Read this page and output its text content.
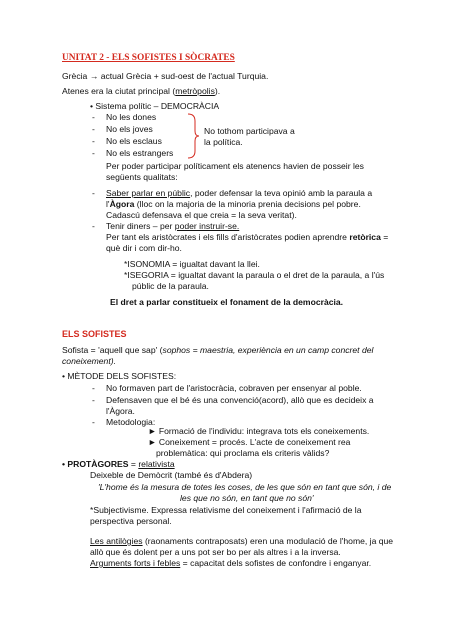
UNITAT 2 - ELS SOFISTES I SÒCRATES
Grècia → actual Grècia + sud-oest de l'actual Turquia.
Atenes era la ciutat principal (metròpolis).
• Sistema polític – DEMOCRÀCIA
- No les dones
- No els joves
- No els esclaus
- No els estrangers
No tothom participava a
la política.
Per poder participar políticament els atenencs havien de posseir les
següents qualitats:
- Saber parlar en públic, poder defensar la teva opinió amb la paraula a
l'Àgora (lloc on la majoria de la minoria prenia decisions pel pobre.
Cadascú defensava el que creia = la seva veritat).
- Tenir diners – per poder instruir-se.
Per tant els aristòcrates i els fills d'aristòcrates podien aprendre retòrica =
què dir i com dir-ho.
*ISONOMIA = igualtat davant la llei.
*ISEGORIA = igualtat davant la paraula o el dret de la paraula, a l'ús
públic de la paraula.
El dret a parlar constitueix el fonament de la democràcia.
ELS SOFISTES
Sofista = 'aquell que sap' (sophos = maestria, experiència en un camp concret del
coneixement).
• MÈTODE DELS SOFISTES:
- No formaven part de l'aristocràcia, cobraven per ensenyar al poble.
- Defensaven que el bé és una convenció(acord), allò que es decideix a
l'Àgora.
- Metodologia:
► Formació de l'individu: integrava tots els coneixements.
► Coneixement = procés. L'acte de coneixement rea
problemàtica: qui proclama els criteris vàlids?
• PROTÀGORES = relativista
Deixeble de Demòcrit (també és d'Abdera)
'L'home és la mesura de totes les coses, de les que són en tant que són, i de
les que no són, en tant que no són'
*Subjectivisme. Expressa relativisme del coneixement i l'afirmació de la
perspectiva personal.
Les antilògies (raonaments contraposats) eren una modulació de l'home, ja que
allò que és dolent per a uns pot ser bo per als altres i a la inversa.
Arguments forts i febles = capacitat dels sofistes de confondre i enganyar.
